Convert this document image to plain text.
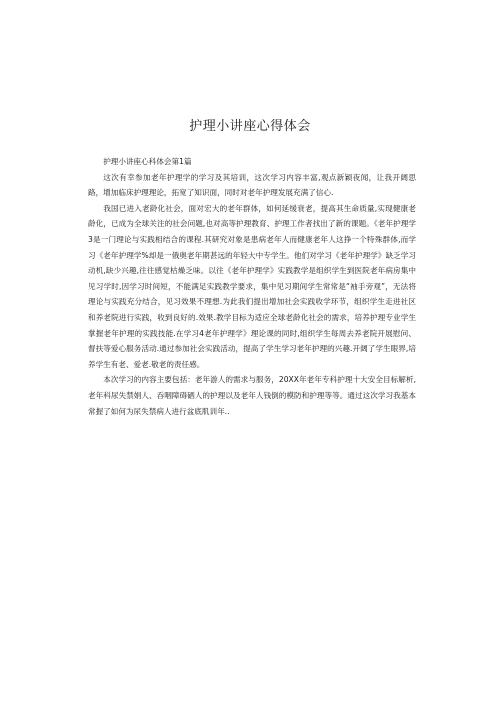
护理小讲座心得体会

护理小讲座心科体会第1篇

这次有幸参加老年护理学的学习及其培训，这次学习内容丰富,观点新颖夜闻，让我开阔思路，增加临床护理理论，拓宽了知识面，同时对老年护理发展充满了信心.

我国已进入老龄化社会，面对宏大的老年群体，如何延缓衰老，提高其生命质量,实现健康老龄化，已成为全球关注的社会问题,也对高等护理教育、护理工作者找出了新的课题。《老年护理学3是一门理论与实践相结合的课程.其研究对象是患病老年人而健康老年人这挣一个特殊群体,而学习《老年护理学%却是一俄奥老年期甚远的年轻大中专学生。他们对学习《老年护理学》缺乏学习动机,缺少兴趣,往往感觉枯燥乏味。以往《老年护理学》实践教学是组织学生到医院老年病房集中见习学时,因学习时间短，不能满足实践教学要求，集中见习期间学生常常是“袖手旁观”，无法将理论与实践充分结合，见习效果不理想.为此我们提出增加社会实践收学环节，组织学生走进社区和养老院进行实践，收到良好的.效果.教学目标为适应全球老龄化社会的需求，培养护理专业学生掌握老年护理的实践技能.在学习4老年护理学》理论课的同时,组织学生每周去养老院开展慰问、督扶等爱心服务活动.通过参加社会实践活动，提高了学生学习老年护理的兴趣.开阔了学生眼界,培养学生有老、爱老.敬老的责任感。

本次学习的内容主要包括：老年游人的需求与服务，20XX年老年专科护理十大安全目标解析,老年科尿失禁娟人、吞咽障碍硒人的护理以及老年人钱倒的模防和护理等等。通过这次学习我基本常握了如何为尿失禁病人进行盆底肌训年..
